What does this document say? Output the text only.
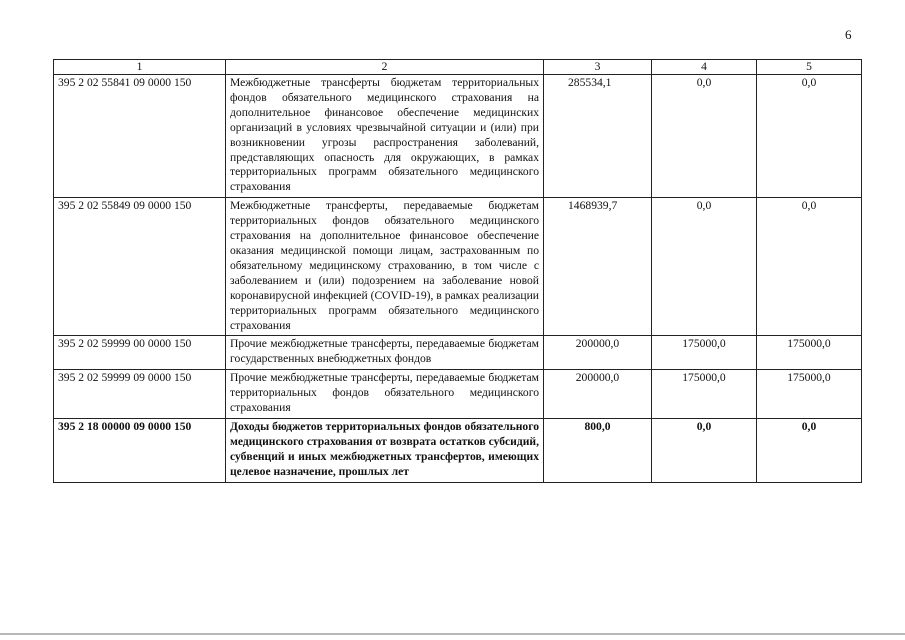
6
1	2	3	4	5
395 2 02 55841 09 0000 150	Межбюджетные трансферты бюджетам территориальных фондов обязательного медицинского страхования на дополнительное финансовое обеспечение медицинских организаций в условиях чрезвычайной ситуации и (или) при возникновении угрозы распространения заболеваний, представляющих опасность для окружающих, в рамках территориальных программ обязательного медицинского страхования	285534,1	0,0	0,0
395 2 02 55849 09 0000 150	Межбюджетные трансферты, передаваемые бюджетам территориальных фондов обязательного медицинского страхования на дополнительное финансовое обеспечение оказания медицинской помощи лицам, застрахованным по обязательному медицинскому страхованию, в том числе с заболеванием и (или) подозрением на заболевание новой коронавирусной инфекцией (COVID-19), в рамках реализации территориальных программ обязательного медицинского страхования	1468939,7	0,0	0,0
395 2 02 59999 00 0000 150	Прочие межбюджетные трансферты, передаваемые бюджетам государственных внебюджетных фондов	200000,0	175000,0	175000,0
395 2 02 59999 09 0000 150	Прочие межбюджетные трансферты, передаваемые бюджетам территориальных фондов обязательного медицинского страхования	200000,0	175000,0	175000,0
395 2 18 00000 09 0000 150	Доходы бюджетов территориальных фондов обязательного медицинского страхования от возврата остатков субсидий, субвенций и иных межбюджетных трансфертов, имеющих целевое назначение, прошлых лет	800,0	0,0	0,0
